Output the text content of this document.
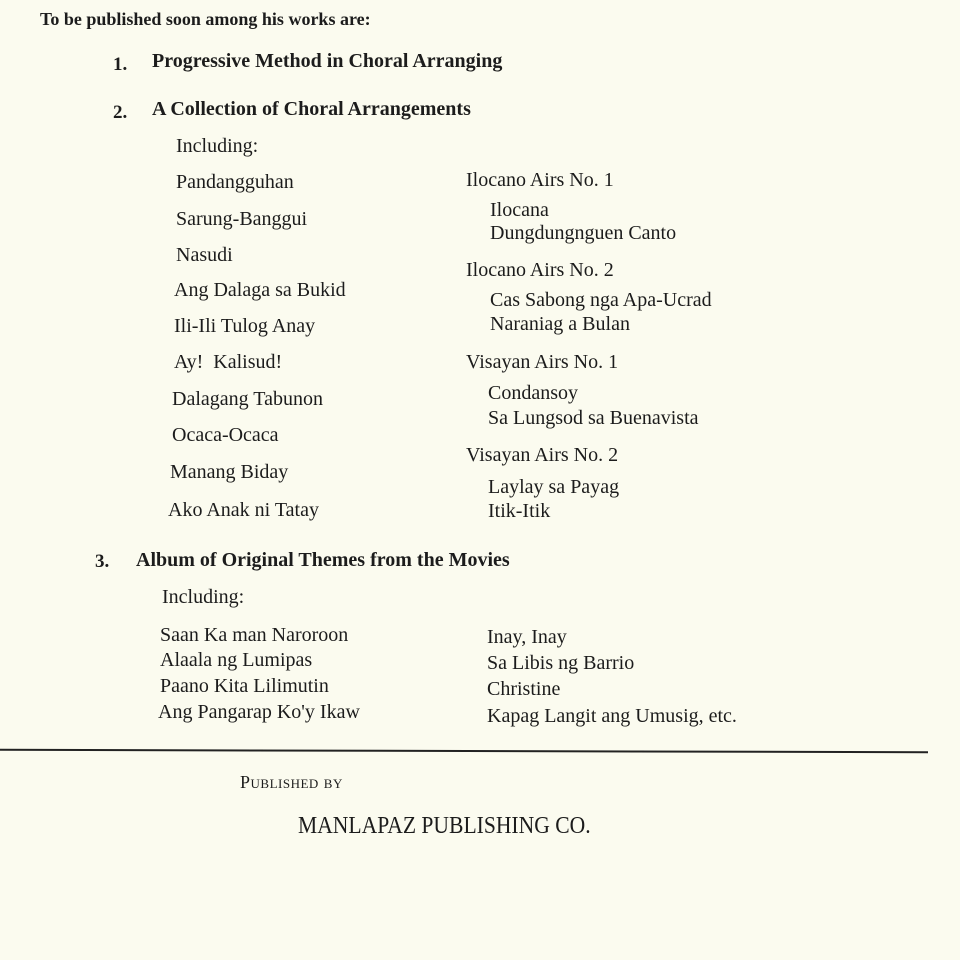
To be published soon among his works are:
1. Progressive Method in Choral Arranging
2. A Collection of Choral Arrangements
Including:
Pandangguhan
Sarung-Banggui
Nasudi
Ang Dalaga sa Bukid
Ili-Ili Tulog Anay
Ay!  Kalisud!
Dalagang Tabunon
Ocaca-Ocaca
Manang Biday
Ako Anak ni Tatay
Ilocano Airs No. 1
Ilocana
Dungdungnguen Canto
Ilocano Airs No. 2
Cas Sabong nga Apa-Ucrad
Naraniag a Bulan
Visayan Airs No. 1
Condansoy
Sa Lungsod sa Buenavista
Visayan Airs No. 2
Laylay sa Payag
Itik-Itik
3. Album of Original Themes from the Movies
Including:
Saan Ka man Naroroon
Alaala ng Lumipas
Paano Kita Lilimutin
Ang Pangarap Ko'y Ikaw
Inay, Inay
Sa Libis ng Barrio
Christine
Kapag Langit ang Umusig, etc.
Published by
MANLAPAZ PUBLISHING CO.
